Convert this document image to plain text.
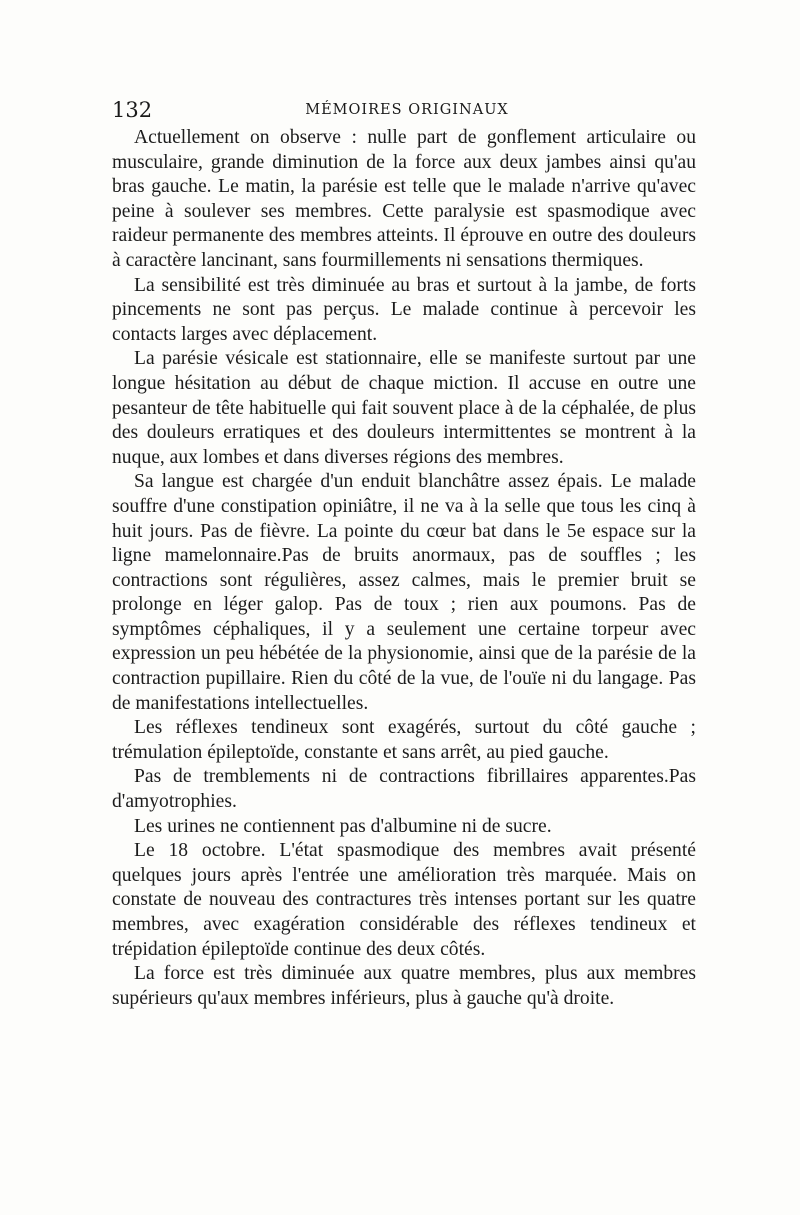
132	MÉMOIRES ORIGINAUX

Actuellement on observe : nulle part de gonflement articulaire ou musculaire, grande diminution de la force aux deux jambes ainsi qu'au bras gauche. Le matin, la parésie est telle que le malade n'arrive qu'avec peine à soulever ses membres. Cette paralysie est spasmodique avec raideur permanente des membres atteints. Il éprouve en outre des douleurs à caractère lancinant, sans fourmillements ni sensations thermiques.

La sensibilité est très diminuée au bras et surtout à la jambe, de forts pincements ne sont pas perçus. Le malade continue à percevoir les contacts larges avec déplacement.

La parésie vésicale est stationnaire, elle se manifeste surtout par une longue hésitation au début de chaque miction. Il accuse en outre une pesanteur de tête habituelle qui fait souvent place à de la céphalée, de plus des douleurs erratiques et des douleurs intermittentes se montrent à la nuque, aux lombes et dans diverses régions des membres.

Sa langue est chargée d'un enduit blanchâtre assez épais. Le malade souffre d'une constipation opiniâtre, il ne va à la selle que tous les cinq à huit jours. Pas de fièvre. La pointe du cœur bat dans le 5e espace sur la ligne mamelonnaire.Pas de bruits anormaux, pas de souffles ; les contractions sont régulières, assez calmes, mais le premier bruit se prolonge en léger galop. Pas de toux ; rien aux poumons. Pas de symptômes céphaliques, il y a seulement une certaine torpeur avec expression un peu hébétée de la physionomie, ainsi que de la parésie de la contraction pupillaire. Rien du côté de la vue, de l'ouïe ni du langage. Pas de manifestations intellectuelles.

Les réflexes tendineux sont exagérés, surtout du côté gauche ; trémulation épileptoïde, constante et sans arrêt, au pied gauche.

Pas de tremblements ni de contractions fibrillaires apparentes.Pas d'amyotrophies.

Les urines ne contiennent pas d'albumine ni de sucre.

Le 18 octobre. L'état spasmodique des membres avait présenté quelques jours après l'entrée une amélioration très marquée. Mais on constate de nouveau des contractures très intenses portant sur les quatre membres, avec exagération considérable des réflexes tendineux et trépidation épileptoïde continue des deux côtés.

La force est très diminuée aux quatre membres, plus aux membres supérieurs qu'aux membres inférieurs, plus à gauche qu'à droite.
